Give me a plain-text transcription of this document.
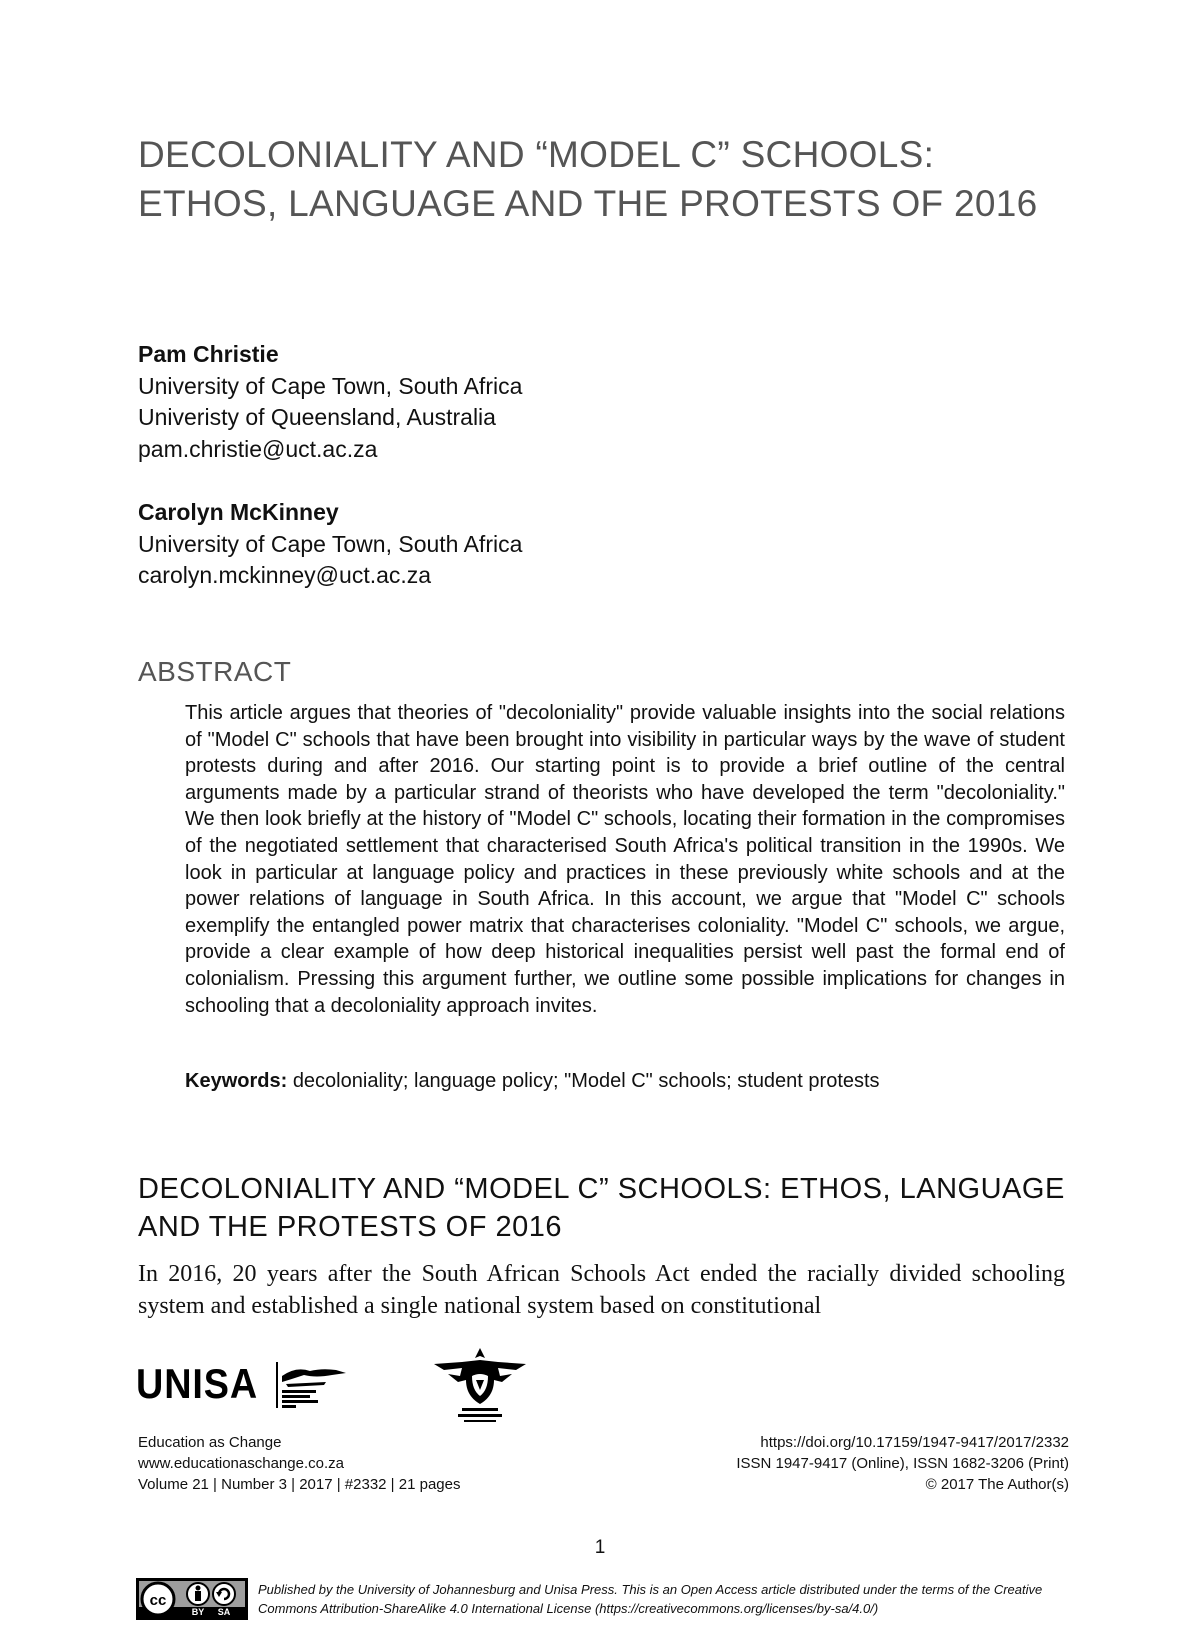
DECOLONIALITY AND “MODEL C” SCHOOLS: ETHOS, LANGUAGE AND THE PROTESTS OF 2016
Pam Christie
University of Cape Town, South Africa
Univeristy of Queensland, Australia
pam.christie@uct.ac.za
Carolyn McKinney
University of Cape Town, South Africa
carolyn.mckinney@uct.ac.za
ABSTRACT

This article argues that theories of "decoloniality" provide valuable insights into the social relations of "Model C" schools that have been brought into visibility in particular ways by the wave of student protests during and after 2016. Our starting point is to provide a brief outline of the central arguments made by a particular strand of theorists who have developed the term "decoloniality." We then look briefly at the history of "Model C" schools, locating their formation in the compromises of the negotiated settlement that characterised South Africa's political transition in the 1990s. We look in particular at language policy and practices in these previously white schools and at the power relations of language in South Africa. In this account, we argue that "Model C" schools exemplify the entangled power matrix that characterises coloniality. "Model C" schools, we argue, provide a clear example of how deep historical inequalities persist well past the formal end of colonialism. Pressing this argument further, we outline some possible implications for changes in schooling that a decoloniality approach invites.

Keywords: decoloniality; language policy; "Model C" schools; student protests

DECOLONIALITY AND “MODEL C” SCHOOLS: ETHOS, LANGUAGE AND THE PROTESTS OF 2016

In 2016, 20 years after the South African Schools Act ended the racially divided schooling system and established a single national system based on constitutional

UNISA
Education as Change
www.educationaschange.co.za
Volume 21 | Number 3 | 2017 | #2332 | 21 pages
https://doi.org/10.17159/1947-9417/2017/2332
ISSN 1947-9417 (Online), ISSN 1682-3206 (Print)
© 2017 The Author(s)
1
cc
BY SA
Published by the University of Johannesburg and Unisa Press. This is an Open Access article distributed under the terms of the Creative Commons Attribution-ShareAlike 4.0 International License (https://creativecommons.org/licenses/by-sa/4.0/)
